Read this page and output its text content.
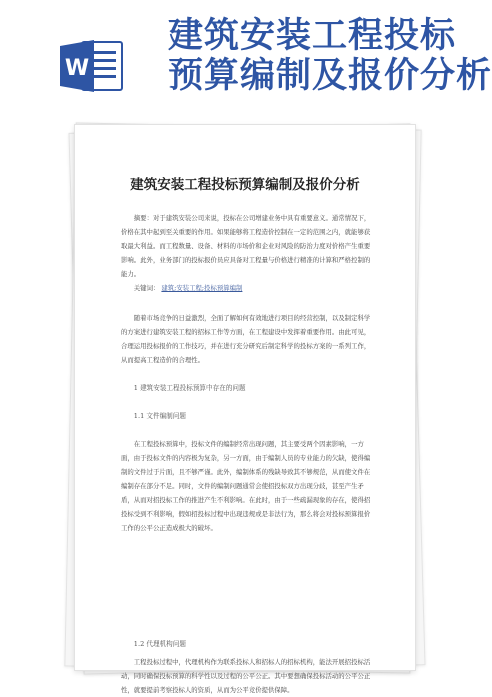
W
建筑安装工程投标
预算编制及报价分析
建筑安装工程投标预算编制及报价分析
摘要：对于建筑安装公司来说，投标在公司增建业务中具有重要意义。通常情况下，价格在其中起到至关重要的作用。如果能够将工程造价控制在一定的范围之内，就能够获取最大利益。而工程数量、设备、材料的市场价和企业对风险的防治力度对价格产生重要影响。此外，业务部门的投标报价员应具备对工程量与价格进行精准的计算和严格控制的能力。
关键词： 建筑;安装工程;投标预算编制
随着市场竞争的日益激烈，全面了解如何有效地进行项目的经营控制，以及制定科学的方案进行建筑安装工程的招标工作等方面，在工程建设中发挥着重要作用。由此可见，合理运用投标报价的工作技巧，并在进行充分研究后制定科学的投标方案的一系列工作，从而提高工程造价的合理性。
1 建筑安装工程投标预算中存在的问题
1.1 文件编制问题
在工程投标预算中，投标文件的编制经常出现问题，其主要受两个因素影响，一方面，由于投标文件的内容极为复杂，另一方面，由于编制人员的专业能力的欠缺，使得编制的文件过于片面，且不够严谨。此外，编制体系的残缺导致其不够规范，从而使文件在编制存在部分不足。同时，文件的编制问题通常会使招投标双方出现分歧，甚至产生矛盾，从而对招投标工作的推进产生不利影响。在此时，由于一些疏漏现象的存在，使得招投标受到不利影响，假如招投标过程中出现违规或是非法行为，那么将会对投标预算报价工作的公平公正造成极大的破坏。
1.2 代理机构问题
工程投标过程中，代理机构作为联系投标人和招标人的招标机构，能法开展招投标活动，同时确保投标预算的科学性以及过程的公平公正。其中要想确保投标活动的公平公正性，就要提前考察投标人的资质，从而为公平竞价提供保障。
